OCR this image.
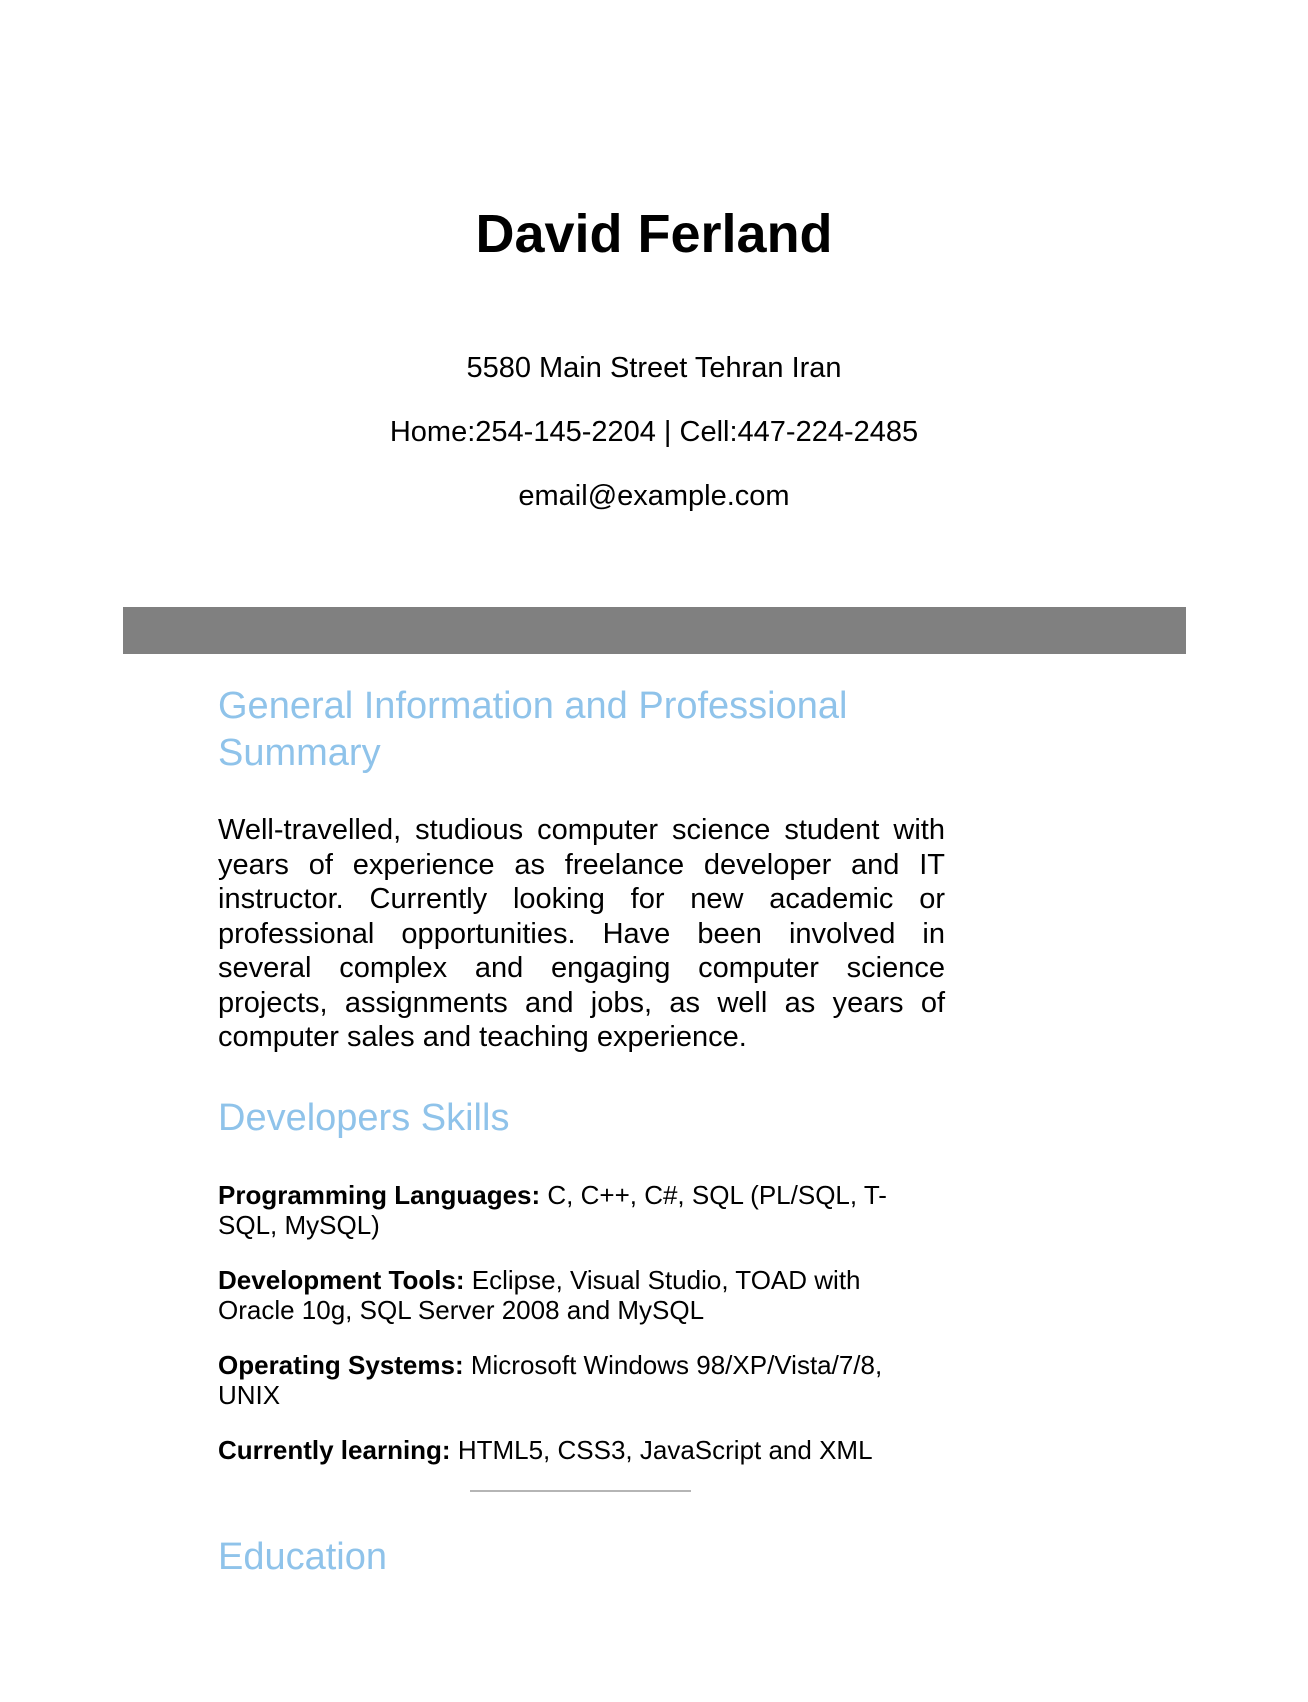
David Ferland

5580 Main Street Tehran Iran

Home:254-145-2204 | Cell:447-224-2485

email@example.com

General Information and Professional Summary

Well-travelled, studious computer science student with years of experience as freelance developer and IT instructor. Currently looking for new academic or professional opportunities. Have been involved in several complex and engaging computer science projects, assignments and jobs, as well as years of computer sales and teaching experience.

Developers Skills

Programming Languages: C, C++, C#, SQL (PL/SQL, T-SQL, MySQL)

Development Tools: Eclipse, Visual Studio, TOAD with Oracle 10g, SQL Server 2008 and MySQL

Operating Systems: Microsoft Windows 98/XP/Vista/7/8, UNIX

Currently learning: HTML5, CSS3, JavaScript and XML

Education
